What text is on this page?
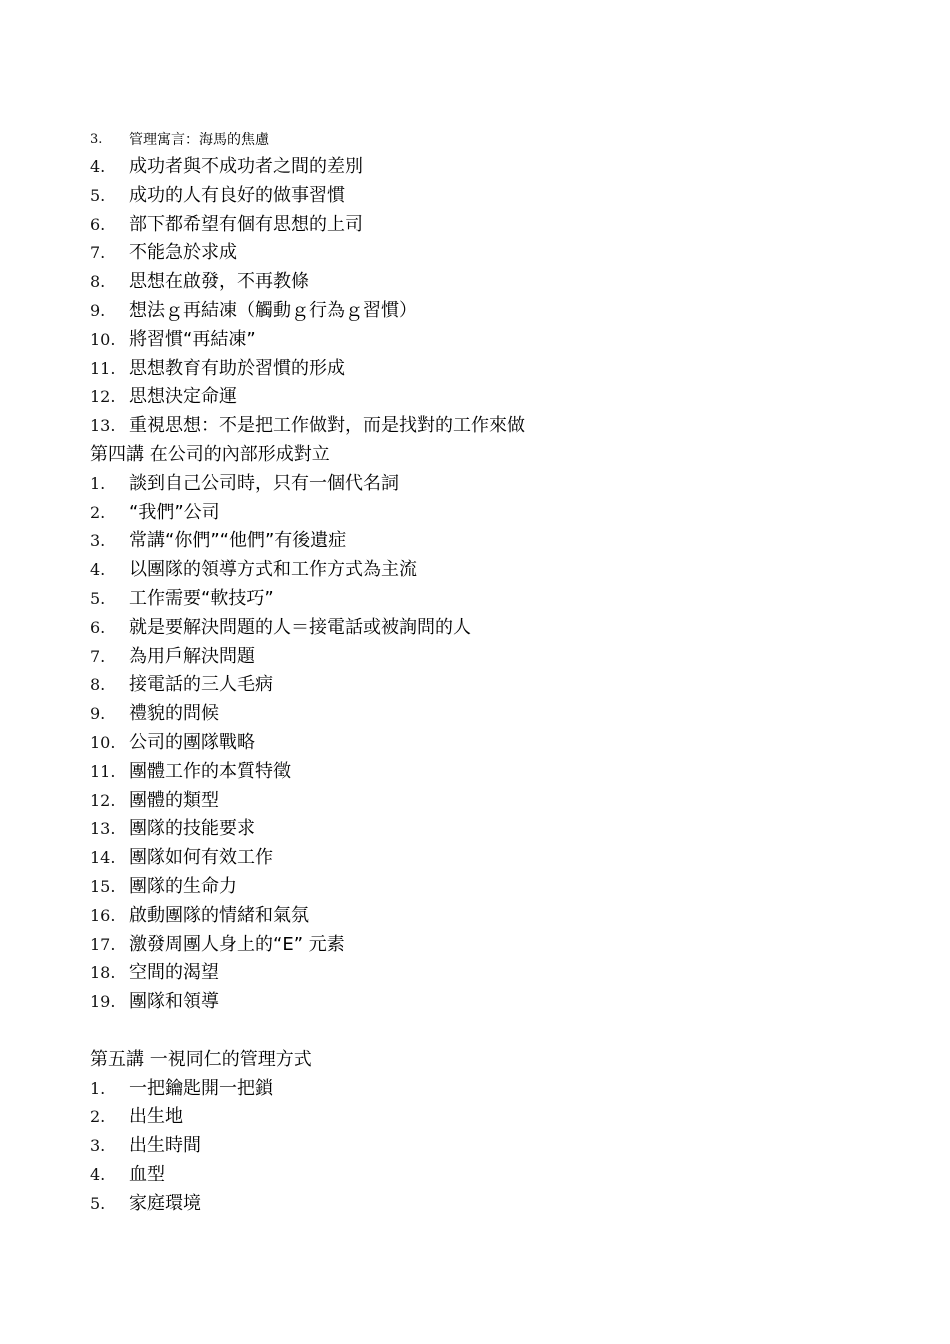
3.	管理寓言：海馬的焦慮
4.	成功者與不成功者之間的差別
5.	成功的人有良好的做事習慣
6.	部下都希望有個有思想的上司
7.	不能急於求成
8.	思想在啟發，不再教條
9.	想法ｇ再結凍（觸動ｇ行為ｇ習慣）
10. 將習慣“再結凍”
11. 思想教育有助於習慣的形成
12. 思想決定命運
13. 重視思想：不是把工作做對，而是找對的工作來做
第四講 在公司的內部形成對立
1.	談到自己公司時，只有一個代名詞
2.	“我們”公司
3.	常講“你們”“他們”有後遺症
4.	以團隊的領導方式和工作方式為主流
5.	工作需要“軟技巧”
6.	就是要解決問題的人＝接電話或被詢問的人
7.	為用戶解決問題
8.	接電話的三人毛病
9.	禮貌的問候
10. 公司的團隊戰略
11. 團體工作的本質特徵
12. 團體的類型
13. 團隊的技能要求
14. 團隊如何有效工作
15. 團隊的生命力
16. 啟動團隊的情緒和氣氛
17. 激發周團人身上的“E” 元素
18. 空間的渴望
19. 團隊和領導
第五講 一視同仁的管理方式
1.	一把鑰匙開一把鎖
2.	出生地
3.	出生時間
4.	血型
5.	家庭環境
